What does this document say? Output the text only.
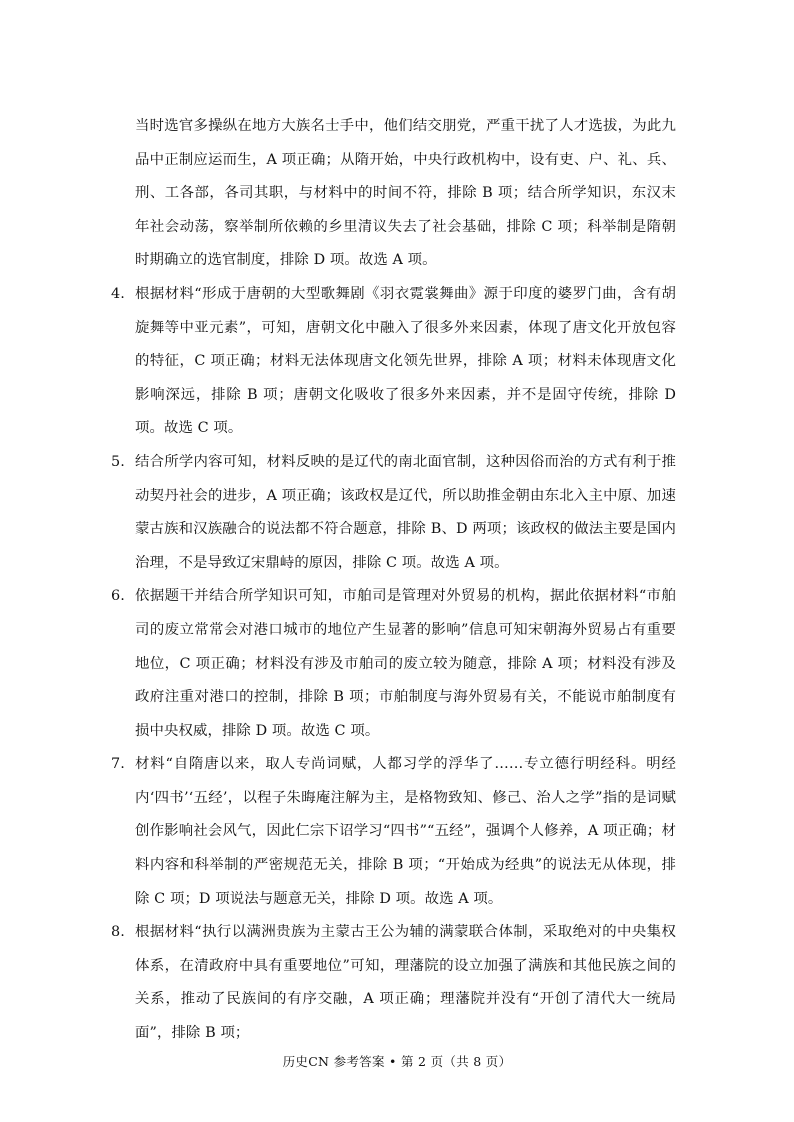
当时选官多操纵在地方大族名士手中，他们结交朋党，严重干扰了人才选拔，为此九品中正制应运而生，A 项正确；从隋开始，中央行政机构中，设有吏、户、礼、兵、刑、工各部，各司其职，与材料中的时间不符，排除 B 项；结合所学知识，东汉末年社会动荡，察举制所依赖的乡里清议失去了社会基础，排除 C 项；科举制是隋朝时期确立的选官制度，排除 D 项。故选 A 项。
4. 根据材料“形成于唐朝的大型歌舞剧《羽衣霓裳舞曲》源于印度的婆罗门曲，含有胡旋舞等中亚元素”，可知，唐朝文化中融入了很多外来因素，体现了唐文化开放包容的特征，C 项正确；材料无法体现唐文化领先世界，排除 A 项；材料未体现唐文化影响深远，排除 B 项；唐朝文化吸收了很多外来因素，并不是固守传统，排除 D 项。故选 C 项。
5. 结合所学内容可知，材料反映的是辽代的南北面官制，这种因俗而治的方式有利于推动契丹社会的进步，A 项正确；该政权是辽代，所以助推金朝由东北入主中原、加速蒙古族和汉族融合的说法都不符合题意，排除 B、D 两项；该政权的做法主要是国内治理，不是导致辽宋鼎峙的原因，排除 C 项。故选 A 项。
6. 依据题干并结合所学知识可知，市舶司是管理对外贸易的机构，据此依据材料“市舶司的废立常常会对港口城市的地位产生显著的影响”信息可知宋朝海外贸易占有重要地位，C 项正确；材料没有涉及市舶司的废立较为随意，排除 A 项；材料没有涉及政府注重对港口的控制，排除 B 项；市舶制度与海外贸易有关，不能说市舶制度有损中央权威，排除 D 项。故选 C 项。
7. 材料“自隋唐以来，取人专尚词赋，人都习学的浮华了……专立德行明经科。明经内‘四书’‘五经’，以程子朱晦庵注解为主，是格物致知、修己、治人之学”指的是词赋创作影响社会风气，因此仁宗下诏学习“四书”“五经”，强调个人修养，A 项正确；材料内容和科举制的严密规范无关，排除 B 项；“开始成为经典”的说法无从体现，排除 C 项；D 项说法与题意无关，排除 D 项。故选 A 项。
8. 根据材料“执行以满洲贵族为主蒙古王公为辅的满蒙联合体制，采取绝对的中央集权体系，在清政府中具有重要地位”可知，理藩院的设立加强了满族和其他民族之间的关系，推动了民族间的有序交融，A 项正确；理藩院并没有“开创了清代大一统局面”，排除 B 项；
历史CN 参考答案 • 第 2 页（共 8 页）
